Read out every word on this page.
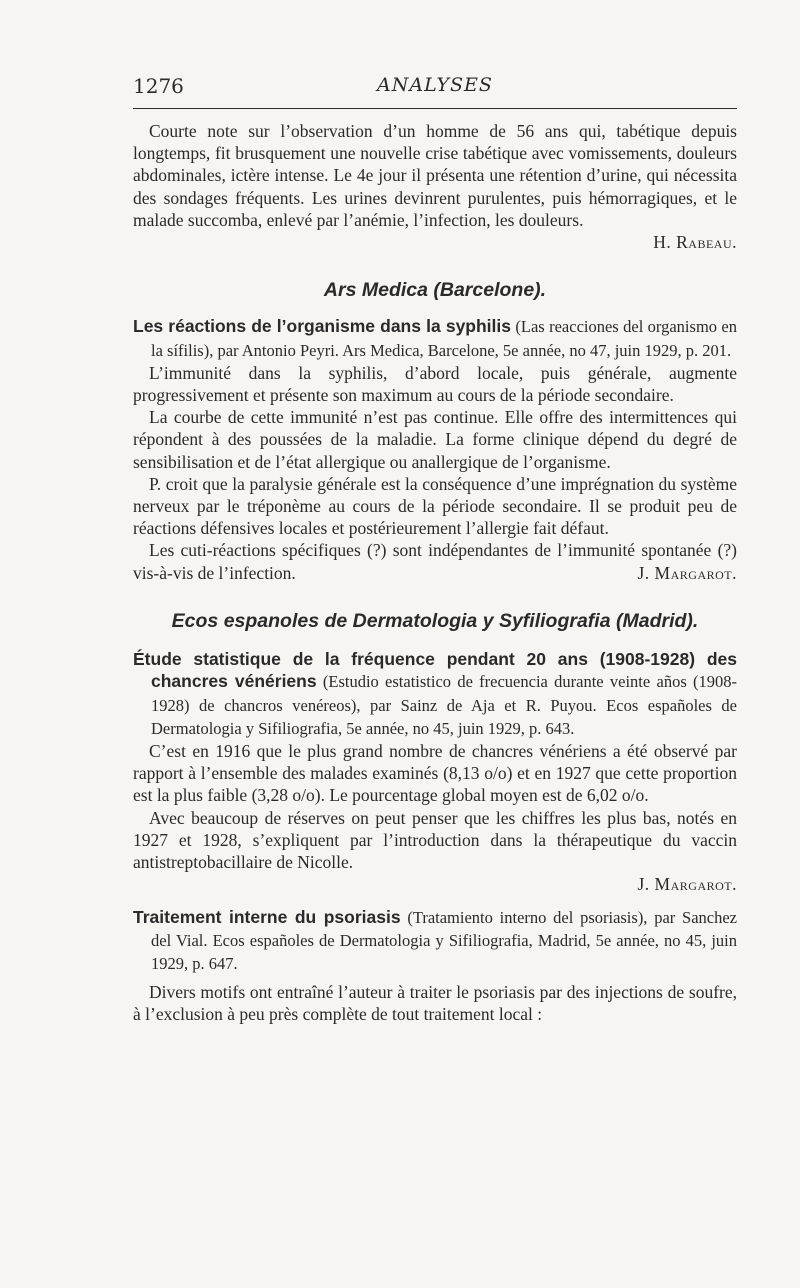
1276	ANALYSES

Courte note sur l’observation d’un homme de 56 ans qui, tabétique depuis longtemps, fit brusquement une nouvelle crise tabétique avec vomissements, douleurs abdominales, ictère intense. Le 4e jour il présenta une rétention d’urine, qui nécessita des sondages fréquents. Les urines devinrent purulentes, puis hémorragiques, et le malade succomba, enlevé par l’anémie, l’infection, les douleurs.

H. Rabeau.

Ars Medica (Barcelone).

Les réactions de l’organisme dans la syphilis (Las reacciones del organismo en la sífilis), par Antonio Peyri. Ars Medica, Barcelone, 5e année, no 47, juin 1929, p. 201.

L’immunité dans la syphilis, d’abord locale, puis générale, augmente progressivement et présente son maximum au cours de la période secondaire.

La courbe de cette immunité n’est pas continue. Elle offre des intermittences qui répondent à des poussées de la maladie. La forme clinique dépend du degré de sensibilisation et de l’état allergique ou anallergique de l’organisme.

P. croit que la paralysie générale est la conséquence d’une imprégnation du système nerveux par le tréponème au cours de la période secondaire. Il se produit peu de réactions défensives locales et postérieurement l’allergie fait défaut.

Les cuti-réactions spécifiques (?) sont indépendantes de l’immunité spontanée (?) vis-à-vis de l’infection.	J. Margarot.

Ecos espanoles de Dermatologia y Syfiliografia (Madrid).

Étude statistique de la fréquence pendant 20 ans (1908-1928) des chancres vénériens (Estudio estatistico de frecuencia durante veinte años (1908-1928) de chancros venéreos), par Sainz de Aja et R. Puyou. Ecos españoles de Dermatologia y Sifiliografia, 5e année, no 45, juin 1929, p. 643.

C’est en 1916 que le plus grand nombre de chancres vénériens a été observé par rapport à l’ensemble des malades examinés (8,13 o/o) et en 1927 que cette proportion est la plus faible (3,28 o/o). Le pourcentage global moyen est de 6,02 o/o.

Avec beaucoup de réserves on peut penser que les chiffres les plus bas, notés en 1927 et 1928, s’expliquent par l’introduction dans la thérapeutique du vaccin antistreptobacillaire de Nicolle.

J. Margarot.

Traitement interne du psoriasis (Tratamiento interno del psoriasis), par Sanchez del Vial. Ecos españoles de Dermatologia y Sifiliografia, Madrid, 5e année, no 45, juin 1929, p. 647.

Divers motifs ont entraîné l’auteur à traiter le psoriasis par des injections de soufre, à l’exclusion à peu près complète de tout traitement local :
